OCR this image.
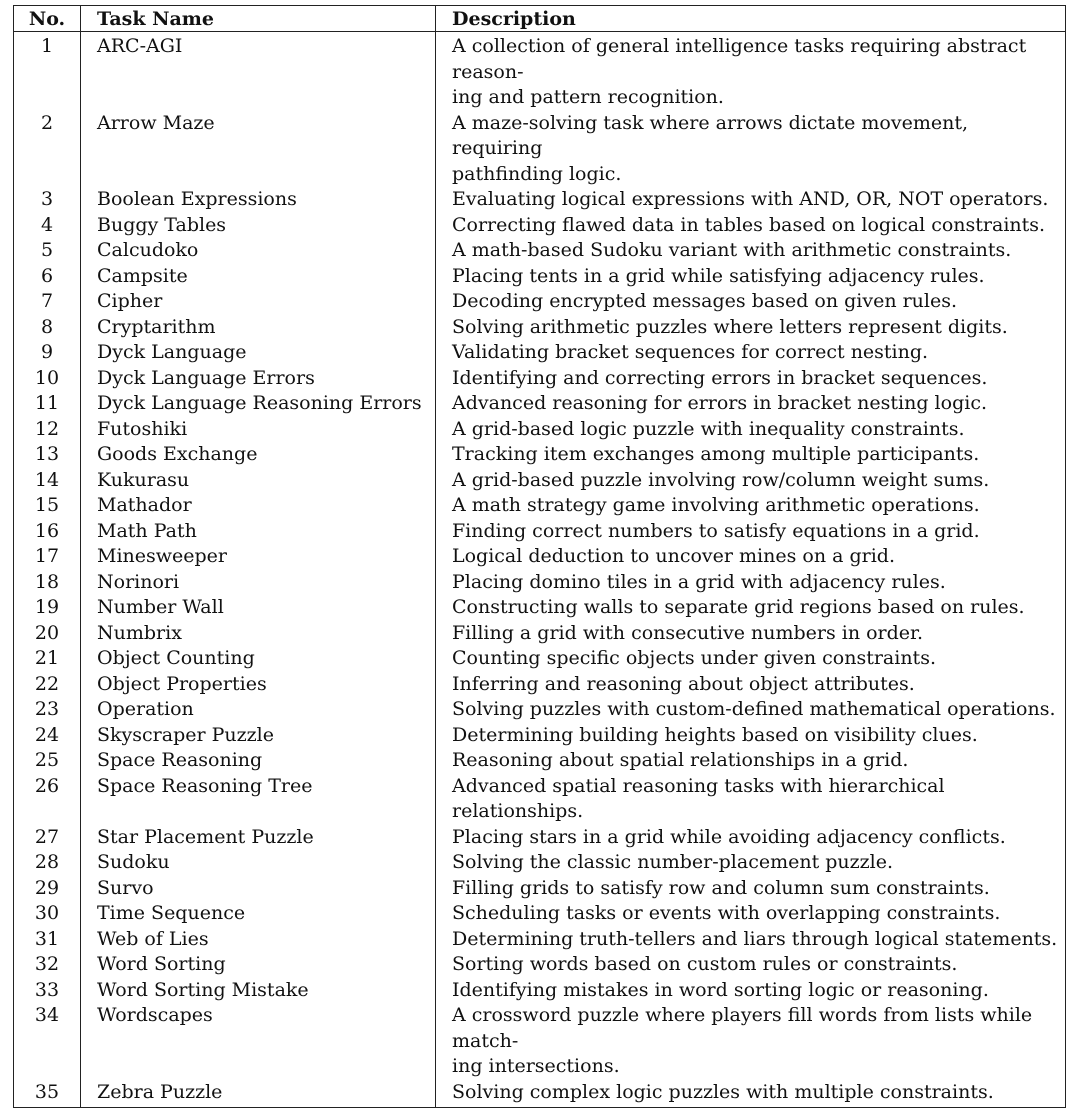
No.	Task Name	Description
1	ARC-AGI	A collection of general intelligence tasks requiring abstract reason-
ing and pattern recognition.

2	Arrow Maze	A maze-solving task where arrows dictate movement, requiring
pathfinding logic.

3	Boolean Expressions	Evaluating logical expressions with AND, OR, NOT operators.

4	Buggy Tables	Correcting flawed data in tables based on logical constraints.

5	Calcudoko	A math-based Sudoku variant with arithmetic constraints.

6	Campsite	Placing tents in a grid while satisfying adjacency rules.

7	Cipher	Decoding encrypted messages based on given rules.

8	Cryptarithm	Solving arithmetic puzzles where letters represent digits.

9	Dyck Language	Validating bracket sequences for correct nesting.

10	Dyck Language Errors	Identifying and correcting errors in bracket sequences.

11	Dyck Language Reasoning Errors	Advanced reasoning for errors in bracket nesting logic.

12	Futoshiki	A grid-based logic puzzle with inequality constraints.

13	Goods Exchange	Tracking item exchanges among multiple participants.

14	Kukurasu	A grid-based puzzle involving row/column weight sums.

15	Mathador	A math strategy game involving arithmetic operations.

16	Math Path	Finding correct numbers to satisfy equations in a grid.

17	Minesweeper	Logical deduction to uncover mines on a grid.

18	Norinori	Placing domino tiles in a grid with adjacency rules.

19	Number Wall	Constructing walls to separate grid regions based on rules.

20	Numbrix	Filling a grid with consecutive numbers in order.

21	Object Counting	Counting specific objects under given constraints.

22	Object Properties	Inferring and reasoning about object attributes.

23	Operation	Solving puzzles with custom-defined mathematical operations.

24	Skyscraper Puzzle	Determining building heights based on visibility clues.

25	Space Reasoning	Reasoning about spatial relationships in a grid.

26	Space Reasoning Tree	Advanced spatial reasoning tasks with hierarchical relationships.

27	Star Placement Puzzle	Placing stars in a grid while avoiding adjacency conflicts.

28	Sudoku	Solving the classic number-placement puzzle.

29	Survo	Filling grids to satisfy row and column sum constraints.

30	Time Sequence	Scheduling tasks or events with overlapping constraints.

31	Web of Lies	Determining truth-tellers and liars through logical statements.

32	Word Sorting	Sorting words based on custom rules or constraints.

33	Word Sorting Mistake	Identifying mistakes in word sorting logic or reasoning.

34	Wordscapes	A crossword puzzle where players fill words from lists while match-
ing intersections.

35	Zebra Puzzle	Solving complex logic puzzles with multiple constraints.
